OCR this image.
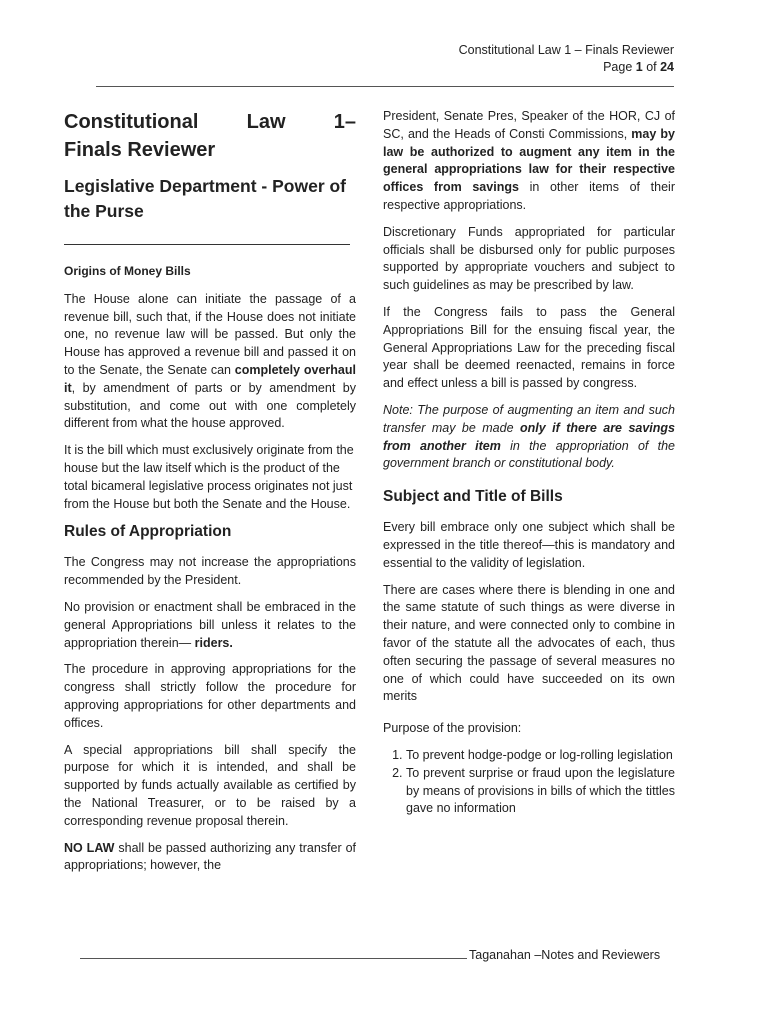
Constitutional Law 1 – Finals Reviewer
Page 1 of 24
Constitutional Law 1–
Finals Reviewer
Legislative Department - Power of the Purse
Origins of Money Bills

The House alone can initiate the passage of a revenue bill, such that, if the House does not initiate one, no revenue law will be passed. But only the House has approved a revenue bill and passed it on to the Senate, the Senate can completely overhaul it, by amendment of parts or by amendment by substitution, and come out with one completely different from what the house approved.

It is the bill which must exclusively originate from the house but the law itself which is the product of the total bicameral legislative process originates not just from the House but both the Senate and the House.

Rules of Appropriation

The Congress may not increase the appropriations recommended by the President.

No provision or enactment shall be embraced in the general Appropriations bill unless it relates to the appropriation therein— riders.

The procedure in approving appropriations for the congress shall strictly follow the procedure for approving appropriations for other departments and offices.

A special appropriations bill shall specify the purpose for which it is intended, and shall be supported by funds actually available as certified by the National Treasurer, or to be raised by a corresponding revenue proposal therein.

NO LAW shall be passed authorizing any transfer of appropriations; however, the

President, Senate Pres, Speaker of the HOR, CJ of SC, and the Heads of Consti Commissions, may by law be authorized to augment any item in the general appropriations law for their respective offices from savings in other items of their respective appropriations.

Discretionary Funds appropriated for particular officials shall be disbursed only for public purposes supported by appropriate vouchers and subject to such guidelines as may be prescribed by law.

If the Congress fails to pass the General Appropriations Bill for the ensuing fiscal year, the General Appropriations Law for the preceding fiscal year shall be deemed reenacted, remains in force and effect unless a bill is passed by congress.

Note: The purpose of augmenting an item and such transfer may be made only if there are savings from another item in the appropriation of the government branch or constitutional body.

Subject and Title of Bills

Every bill embrace only one subject which shall be expressed in the title thereof—this is mandatory and essential to the validity of legislation.

There are cases where there is blending in one and the same statute of such things as were diverse in their nature, and were connected only to combine in favor of the statute all the advocates of each, thus often securing the passage of several measures no one of which could have succeeded on its own merits

Purpose of the provision:

1. To prevent hodge-podge or log-rolling legislation
2. To prevent surprise or fraud upon the legislature by means of provisions in bills of which the tittles gave no information
Taganahan –Notes and Reviewers
